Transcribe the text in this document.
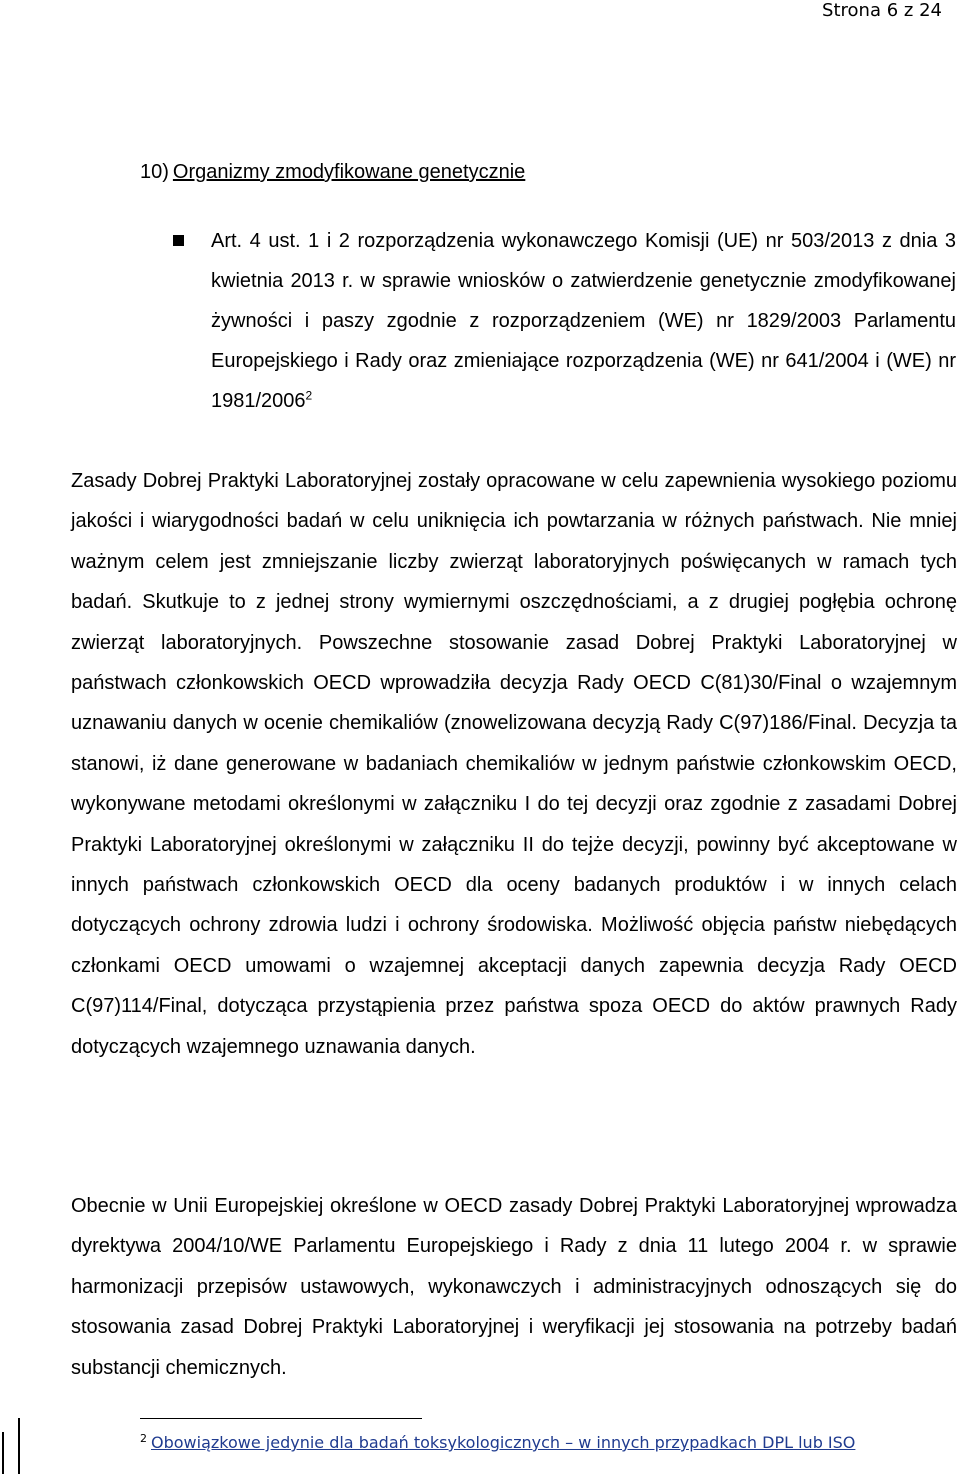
Strona 6 z 24
10) Organizmy zmodyfikowane genetycznie

Art. 4 ust. 1 i 2 rozporządzenia wykonawczego Komisji (UE) nr 503/2013 z dnia 3 kwietnia 2013 r. w sprawie wniosków o zatwierdzenie genetycznie zmodyfikowanej żywności i paszy zgodnie z rozporządzeniem (WE) nr 1829/2003 Parlamentu Europejskiego i Rady oraz zmieniające rozporządzenia (WE) nr 641/2004 i (WE) nr 1981/2006$^2$

Zasady Dobrej Praktyki Laboratoryjnej zostały opracowane w celu zapewnienia wysokiego poziomu jakości i wiarygodności badań w celu uniknięcia ich powtarzania w różnych państwach. Nie mniej ważnym celem jest zmniejszanie liczby zwierząt laboratoryjnych poświęcanych w ramach tych badań. Skutkuje to z jednej strony wymiernymi oszczędnościami, a z drugiej pogłębia ochronę zwierząt laboratoryjnych. Powszechne stosowanie zasad Dobrej Praktyki Laboratoryjnej w państwach członkowskich OECD wprowadziła decyzja Rady OECD C(81)30/Final o wzajemnym uznawaniu danych w ocenie chemikaliów (znowelizowana decyzją Rady C(97)186/Final. Decyzja ta stanowi, iż dane generowane w badaniach chemikaliów w jednym państwie członkowskim OECD, wykonywane metodami określonymi w załączniku I do tej decyzji oraz zgodnie z zasadami Dobrej Praktyki Laboratoryjnej określonymi w załączniku II do tejże decyzji, powinny być akceptowane w innych państwach członkowskich OECD dla oceny badanych produktów i w innych celach dotyczących ochrony zdrowia ludzi i ochrony środowiska. Możliwość objęcia państw niebędących członkami OECD umowami o wzajemnej akceptacji danych zapewnia decyzja Rady OECD C(97)114/Final, dotycząca przystąpienia przez państwa spoza OECD do aktów prawnych Rady dotyczących wzajemnego uznawania danych.

Obecnie w Unii Europejskiej określone w OECD zasady Dobrej Praktyki Laboratoryjnej wprowadza dyrektywa 2004/10/WE Parlamentu Europejskiego i Rady z dnia 11 lutego 2004 r. w sprawie harmonizacji przepisów ustawowych, wykonawczych i administracyjnych odnoszących się do stosowania zasad Dobrej Praktyki Laboratoryjnej i weryfikacji jej stosowania na potrzeby badań substancji chemicznych.

$^2$ Obowiązkowe jedynie dla badań toksykologicznych – w innych przypadkach DPL lub ISO
